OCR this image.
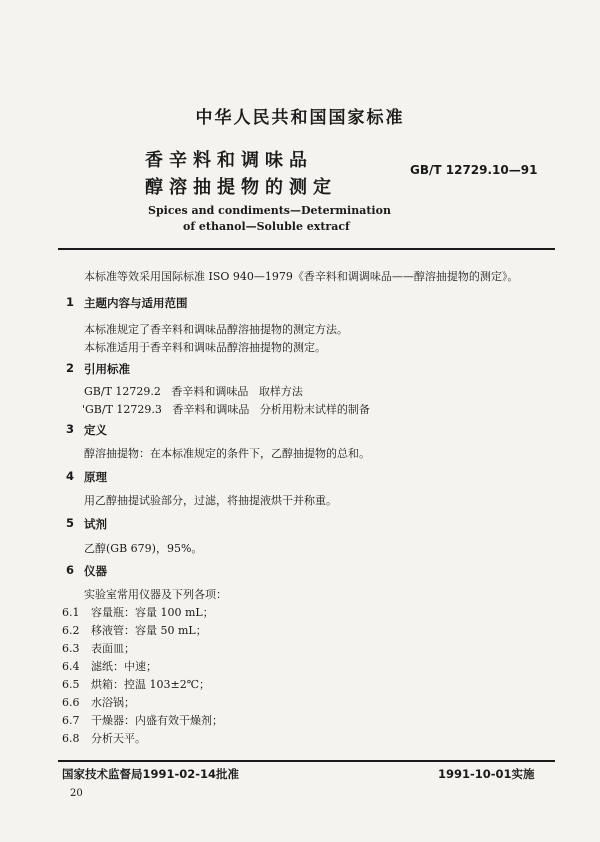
中华人民共和国国家标准
香辛料和调味品
醇溶抽提物的测定
GB/T 12729.10—91
Spices and condiments—Determination
of ethanol—Soluble extracf
本标准等效采用国际标准 ISO 940—1979《香辛料和调调味品——醇溶抽提物的测定》。
1 主题内容与适用范围
本标准规定了香辛料和调味品醇溶抽提物的测定方法。
本标准适用于香辛料和调味品醇溶抽提物的测定。
2 引用标准
GB/T 12729.2   香辛料和调味品   取样方法
'GB/T 12729.3   香辛料和调味品   分析用粉末试样的制备
3 定义
醇溶抽提物：在本标准规定的条件下，乙醇抽提物的总和。
4 原理
用乙醇抽提试验部分，过滤，将抽提液烘干并称重。
5 试剂
乙醇(GB 679)，95%。
6 仪器
实验室常用仪器及下列各项：
6.1 容量瓶：容量 100 mL；
6.2 移液管：容量 50 mL；
6.3 表面皿；
6.4 滤纸：中速；
6.5 烘箱：控温 103±2℃；
6.6 水浴锅；
6.7 干燥器：内盛有效干燥剂；
6.8 分析天平。
国家技术监督局1991-02-14批准	1991-10-01实施
20
